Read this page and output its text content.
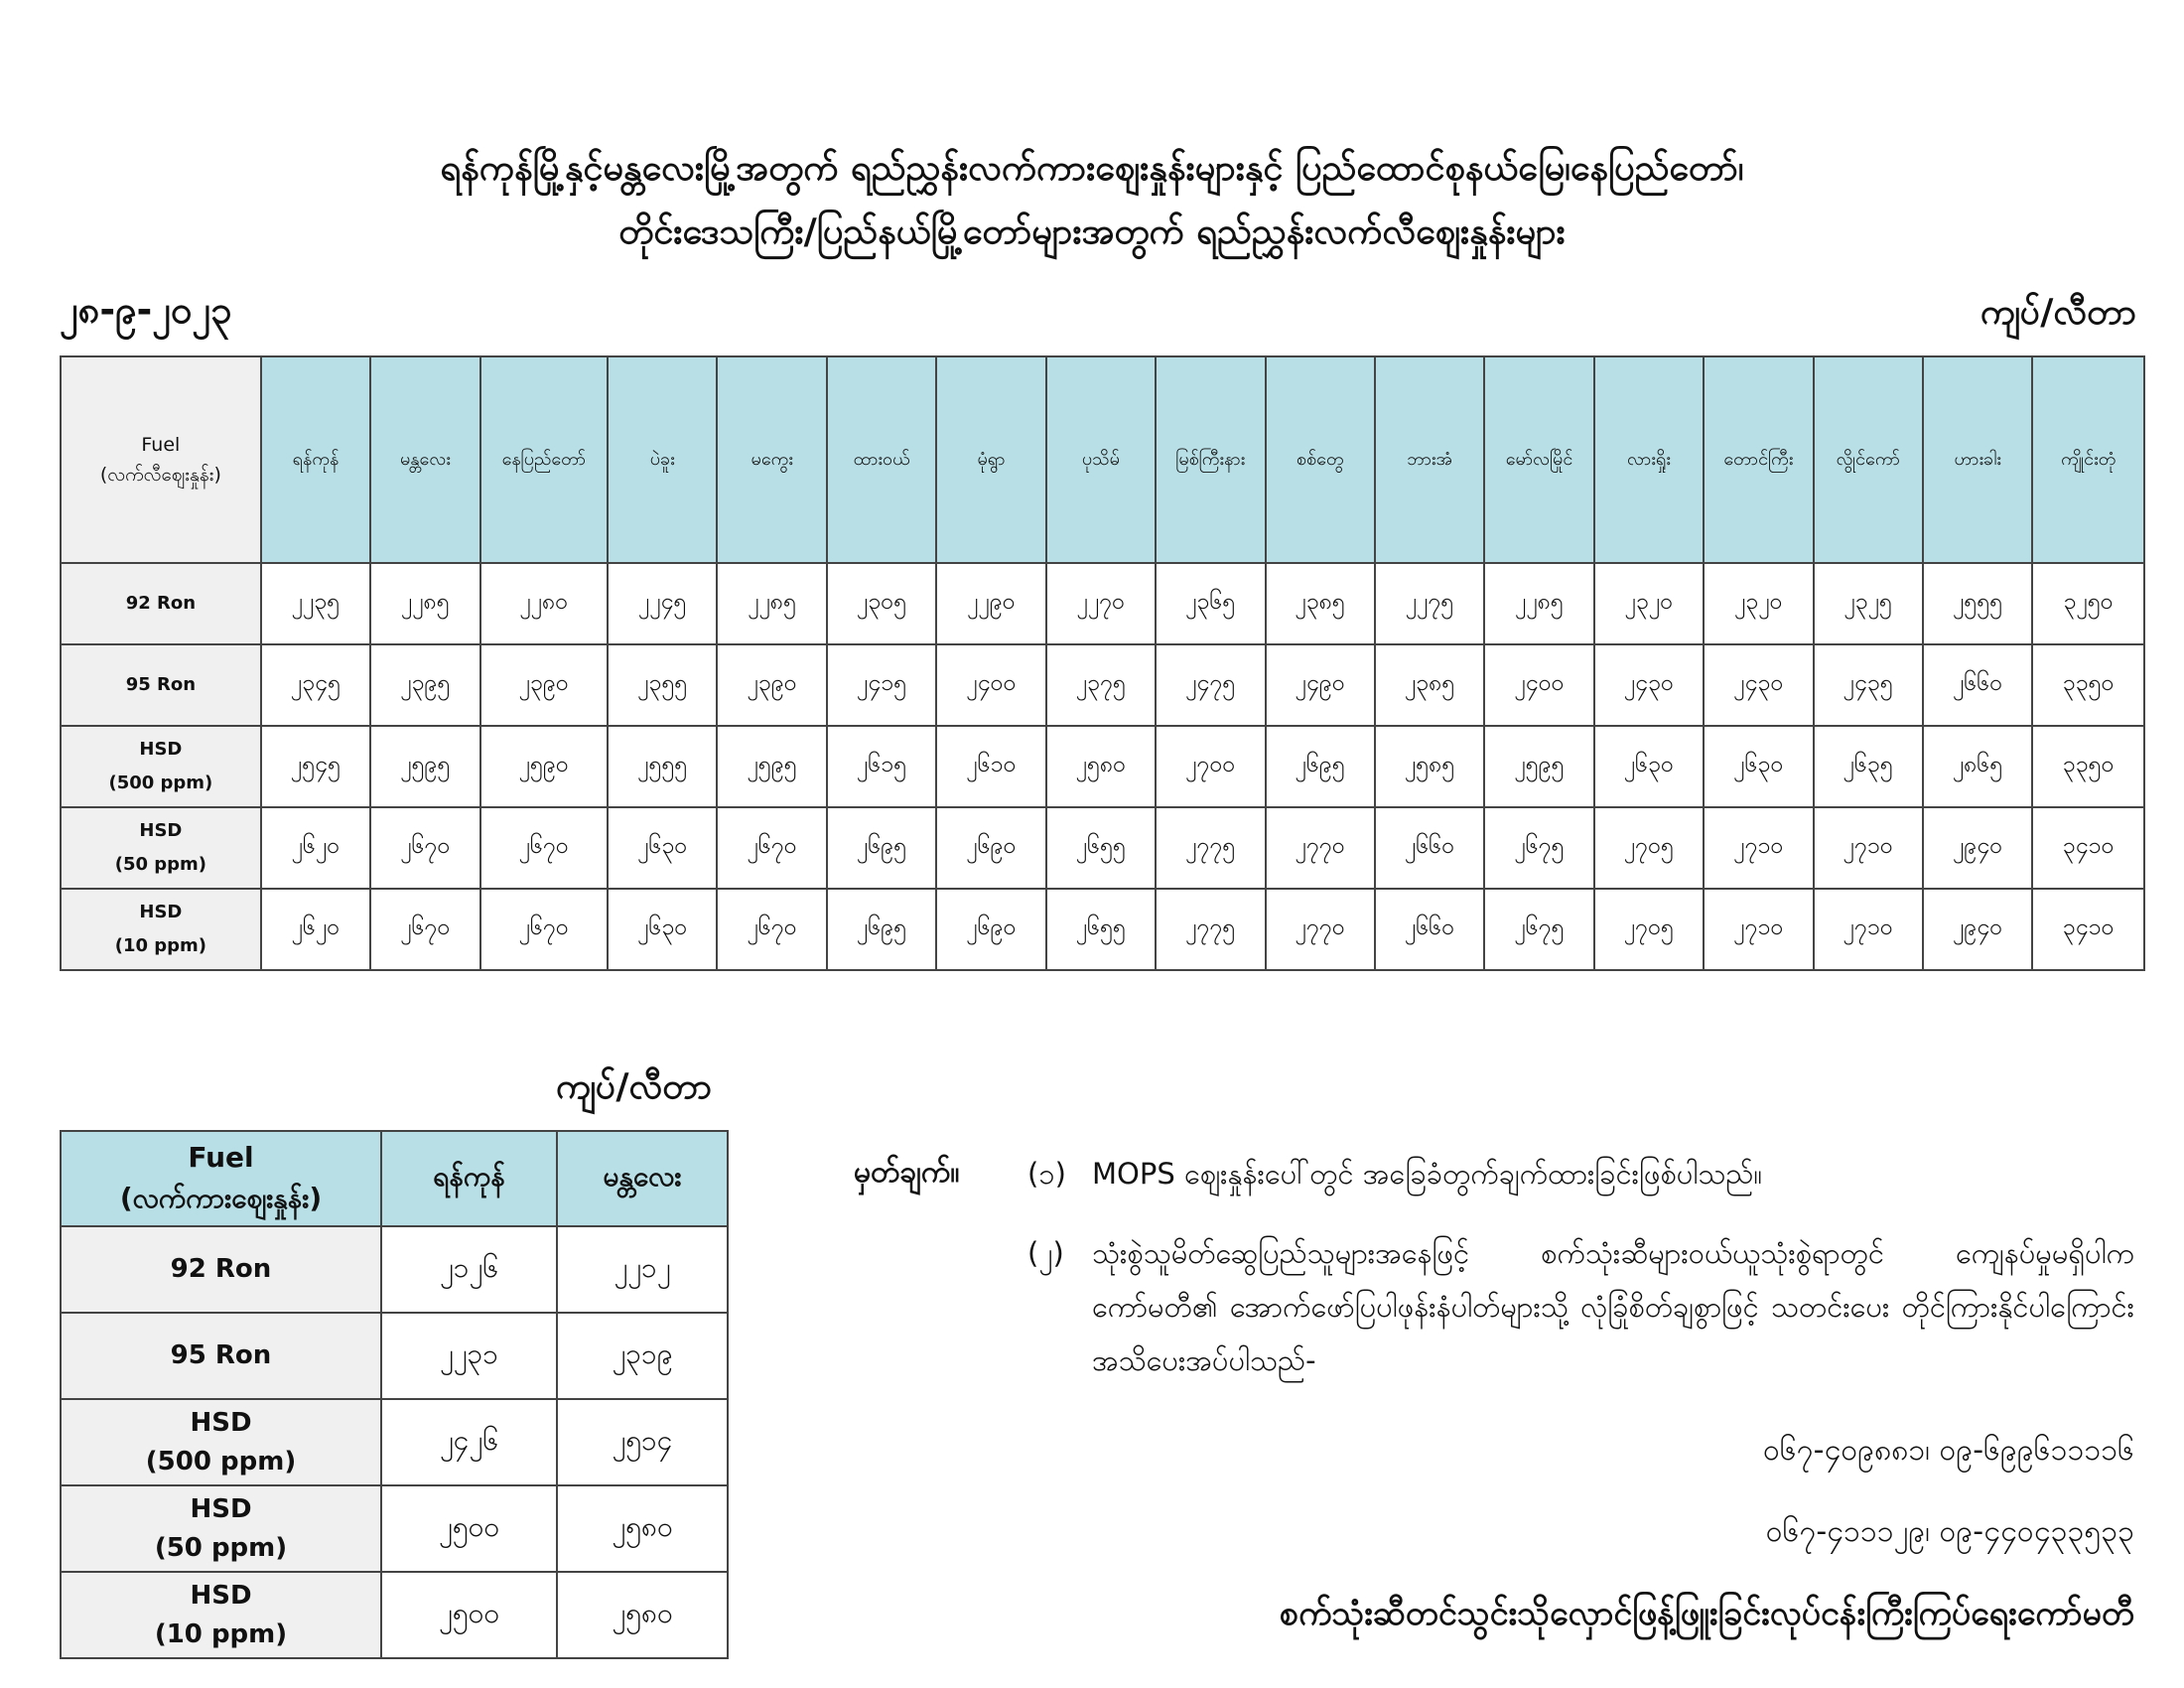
ရန်ကုန်မြို့နှင့်မန္တလေးမြို့အတွက် ရည်ညွှန်းလက်ကားဈေးနှုန်းများနှင့် ပြည်ထောင်စုနယ်မြေ၊နေပြည်တော်၊
တိုင်းဒေသကြီး/ပြည်နယ်မြို့တော်များအတွက် ရည်ညွှန်းလက်လီဈေးနှုန်းများ
၂၈-၉-၂၀၂၃	ကျပ်/လီတာ
Fuel
(လက်လီဈေးနှုန်း)	ရန်ကုန်	မန္တလေး	နေပြည်တော်	ပဲခူး	မကွေး	ထားဝယ်	မုံရွာ	ပုသိမ်	မြစ်ကြီးနား	စစ်တွေ	ဘားအံ	မော်လမြိုင်	လားရှိုး	တောင်ကြီး	လွိုင်ကော်	ဟားခါး	ကျိုင်းတုံ
92 Ron	၂၂၃၅	၂၂၈၅	၂၂၈၀	၂၂၄၅	၂၂၈၅	၂၃၀၅	၂၂၉၀	၂၂၇၀	၂၃၆၅	၂၃၈၅	၂၂၇၅	၂၂၈၅	၂၃၂၀	၂၃၂၀	၂၃၂၅	၂၅၅၅	၃၂၅၀
95 Ron	၂၃၄၅	၂၃၉၅	၂၃၉၀	၂၃၅၅	၂၃၉၀	၂၄၁၅	၂၄၀၀	၂၃၇၅	၂၄၇၅	၂၄၉၀	၂၃၈၅	၂၄၀၀	၂၄၃၀	၂၄၃၀	၂၄၃၅	၂၆၆၀	၃၃၅၀
HSD
(500 ppm)	၂၅၄၅	၂၅၉၅	၂၅၉၀	၂၅၅၅	၂၅၉၅	၂၆၁၅	၂၆၁၀	၂၅၈၀	၂၇၀၀	၂၆၉၅	၂၅၈၅	၂၅၉၅	၂၆၃၀	၂၆၃၀	၂၆၃၅	၂၈၆၅	၃၃၅၀
HSD
(50 ppm)	၂၆၂၀	၂၆၇၀	၂၆၇၀	၂၆၃၀	၂၆၇၀	၂၆၉၅	၂၆၉၀	၂၆၅၅	၂၇၇၅	၂၇၇၀	၂၆၆၀	၂၆၇၅	၂၇၀၅	၂၇၁၀	၂၇၁၀	၂၉၄၀	၃၄၁၀
HSD
(10 ppm)	၂၆၂၀	၂၆၇၀	၂၆၇၀	၂၆၃၀	၂၆၇၀	၂၆၉၅	၂၆၉၀	၂၆၅၅	၂၇၇၅	၂၇၇၀	၂၆၆၀	၂၆၇၅	၂၇၀၅	၂၇၁၀	၂၇၁၀	၂၉၄၀	၃၄၁၀
ကျပ်/လီတာ
Fuel
(လက်ကားဈေးနှုန်း)	ရန်ကုန်	မန္တလေး
92 Ron	၂၁၂၆	၂၂၁၂
95 Ron	၂၂၃၁	၂၃၁၉
HSD
(500 ppm)	၂၄၂၆	၂၅၁၄
HSD
(50 ppm)	၂၅၀၀	၂၅၈၀
HSD
(10 ppm)	၂၅၀၀	၂၅၈၀
မှတ်ချက်။ (၁) MOPS ဈေးနှုန်းပေါ်တွင် အခြေခံတွက်ချက်ထားခြင်းဖြစ်ပါသည်။
(၂) သုံးစွဲသူမိတ်ဆွေပြည်သူများအနေဖြင့် စက်သုံးဆီများဝယ်ယူသုံးစွဲရာတွင် ကျေနပ်မှုမရှိပါက ကော်မတီ၏ အောက်ဖော်ပြပါဖုန်းနံပါတ်များသို့ လုံခြုံစိတ်ချစွာဖြင့် သတင်းပေး တိုင်ကြားနိုင်ပါကြောင်း အသိပေးအပ်ပါသည်-
၀၆၇-၄၀၉၈၈၁၊ ၀၉-၆၉၉၆၁၁၁၁၆
၀၆၇-၄၁၁၁၂၉၊ ၀၉-၄၄၀၄၃၃၅၃၃
စက်သုံးဆီတင်သွင်းသိုလှောင်ဖြန့်ဖြူးခြင်းလုပ်ငန်းကြီးကြပ်ရေးကော်မတီ
